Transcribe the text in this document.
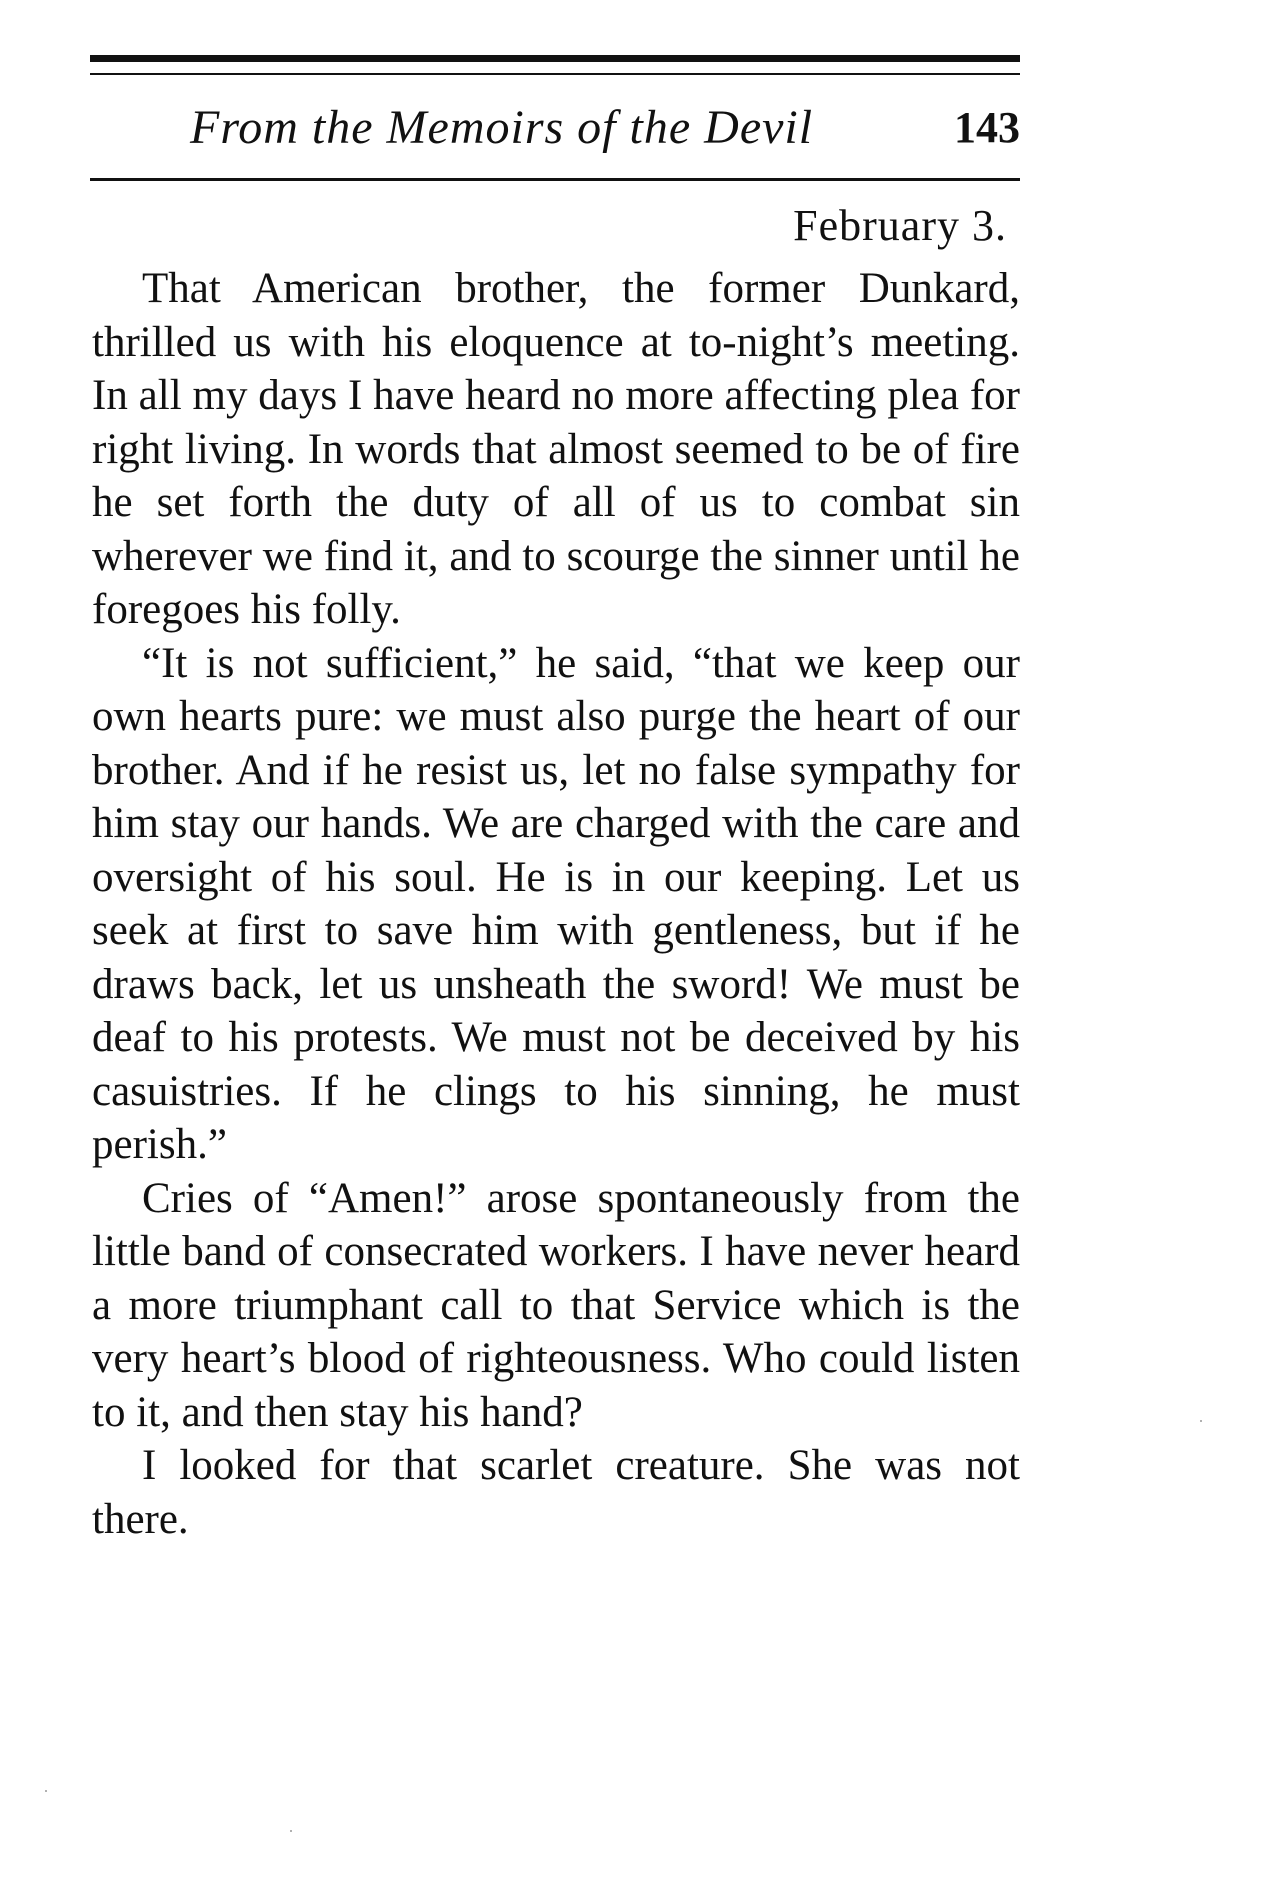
From the Memoirs of the Devil	143
February 3.

That American brother, the former Dunkard, thrilled us with his eloquence at to-night’s meeting. In all my days I have heard no more affecting plea for right living. In words that almost seemed to be of fire he set forth the duty of all of us to combat sin wherever we find it, and to scourge the sinner until he foregoes his folly.

“It is not sufficient,” he said, “that we keep our own hearts pure: we must also purge the heart of our brother. And if he resist us, let no false sympathy for him stay our hands. We are charged with the care and oversight of his soul. He is in our keeping. Let us seek at first to save him with gentleness, but if he draws back, let us unsheath the sword! We must be deaf to his protests. We must not be deceived by his casuistries. If he clings to his sinning, he must perish.”

Cries of “Amen!” arose spontaneously from the little band of consecrated workers. I have never heard a more triumphant call to that Service which is the very heart’s blood of righteousness. Who could listen to it, and then stay his hand?

I looked for that scarlet creature. She was not there.
